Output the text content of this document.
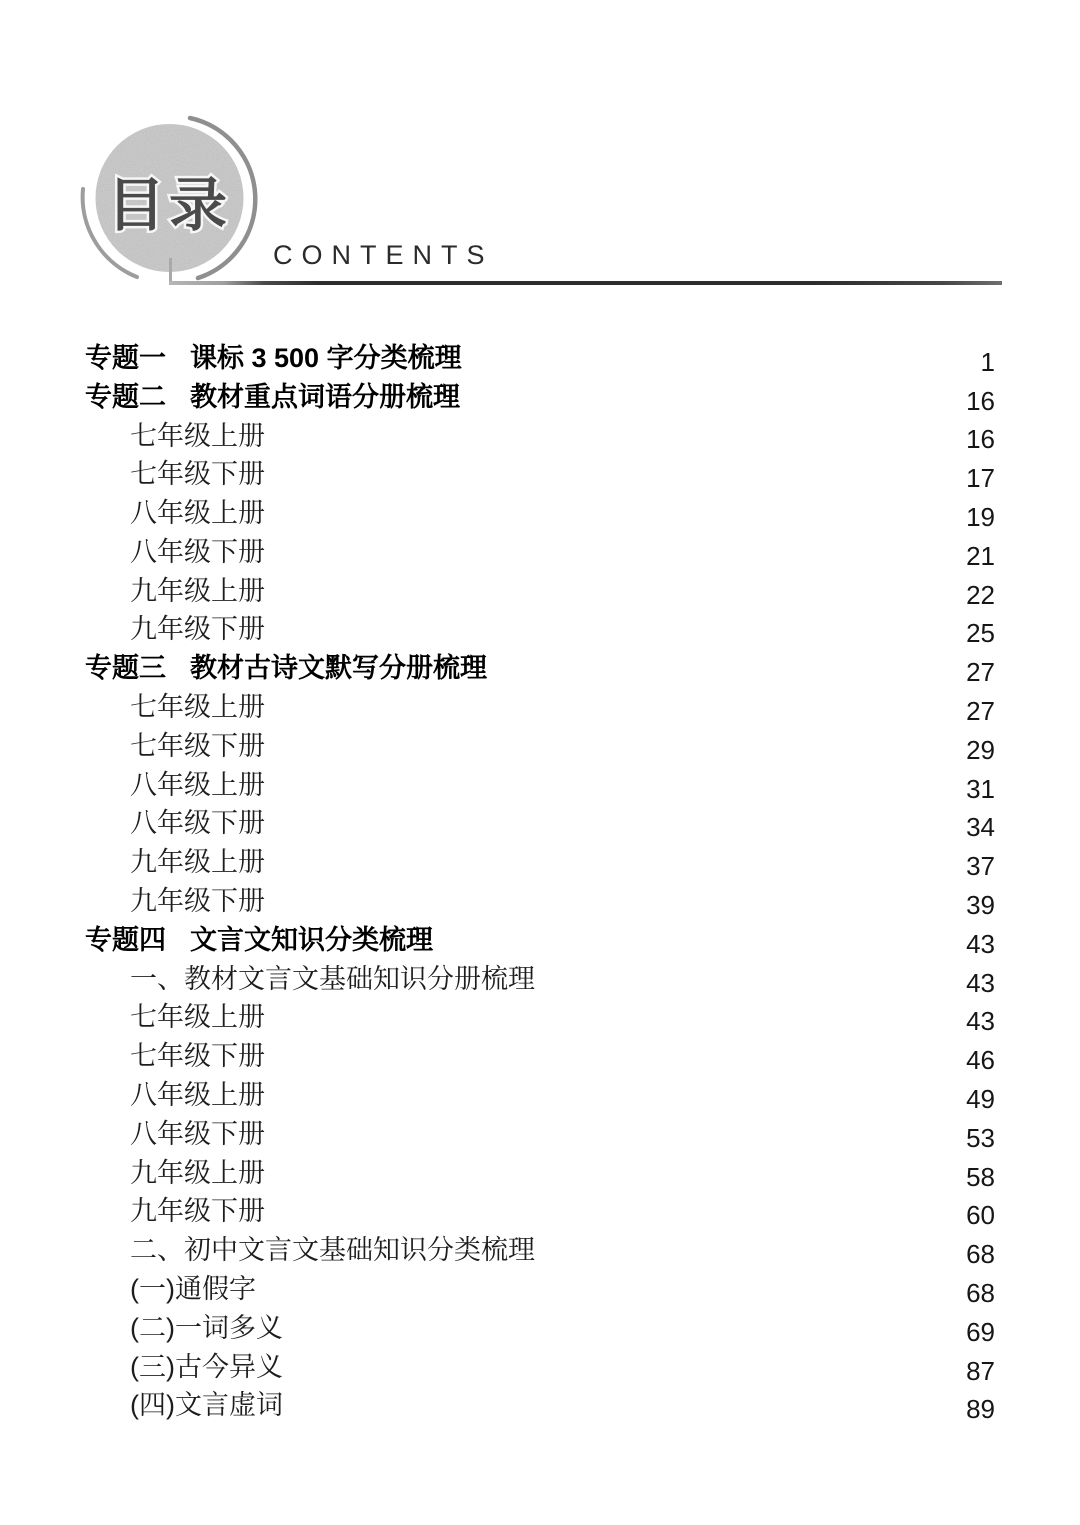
目录
CONTENTS
专题一 课标 3 500 字分类梳理	1
专题二 教材重点词语分册梳理	16
七年级上册	16
七年级下册	17
八年级上册	19
八年级下册	21
九年级上册	22
九年级下册	25
专题三 教材古诗文默写分册梳理	27
七年级上册	27
七年级下册	29
八年级上册	31
八年级下册	34
九年级上册	37
九年级下册	39
专题四 文言文知识分类梳理	43
一、教材文言文基础知识分册梳理	43
七年级上册	43
七年级下册	46
八年级上册	49
八年级下册	53
九年级上册	58
九年级下册	60
二、初中文言文基础知识分类梳理	68
(一)通假字	68
(二)一词多义	69
(三)古今异义	87
(四)文言虚词	89
